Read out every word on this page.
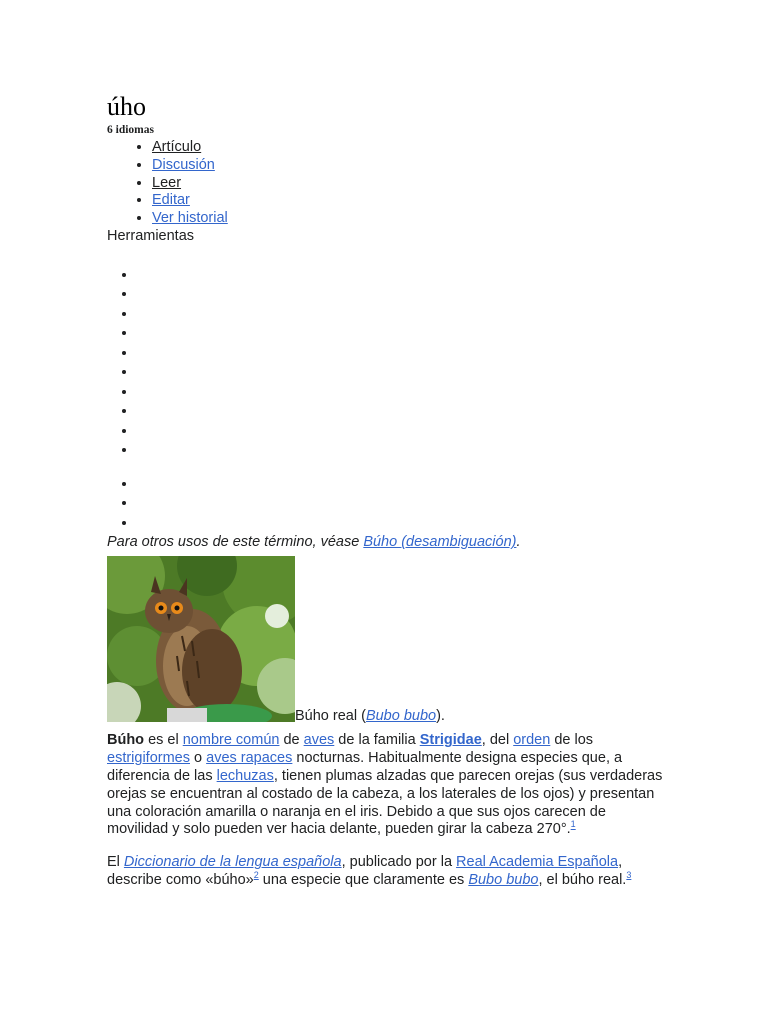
úho
6 idiomas
• Artículo
• Discusión
• Leer
• Editar
• Ver historial
Herramientas
•
•
•
•
•
•
•
•
•
•
•
•
•
Para otros usos de este término, véase Búho (desambiguación).
Búho real (Bubo bubo).

Búho es el nombre común de aves de la familia Strigidae, del orden de los estrigiformes o aves rapaces nocturnas. Habitualmente designa especies que, a diferencia de las lechuzas, tienen plumas alzadas que parecen orejas (sus verdaderas orejas se encuentran al costado de la cabeza, a los laterales de los ojos) y presentan una coloración amarilla o naranja en el iris. Debido a que sus ojos carecen de movilidad y solo pueden ver hacia delante, pueden girar la cabeza 270°.$^1$

El Diccionario de la lengua española, publicado por la Real Academia Española, describe como «búho»$^2$ una especie que claramente es Bubo bubo, el búho real.$^3$
